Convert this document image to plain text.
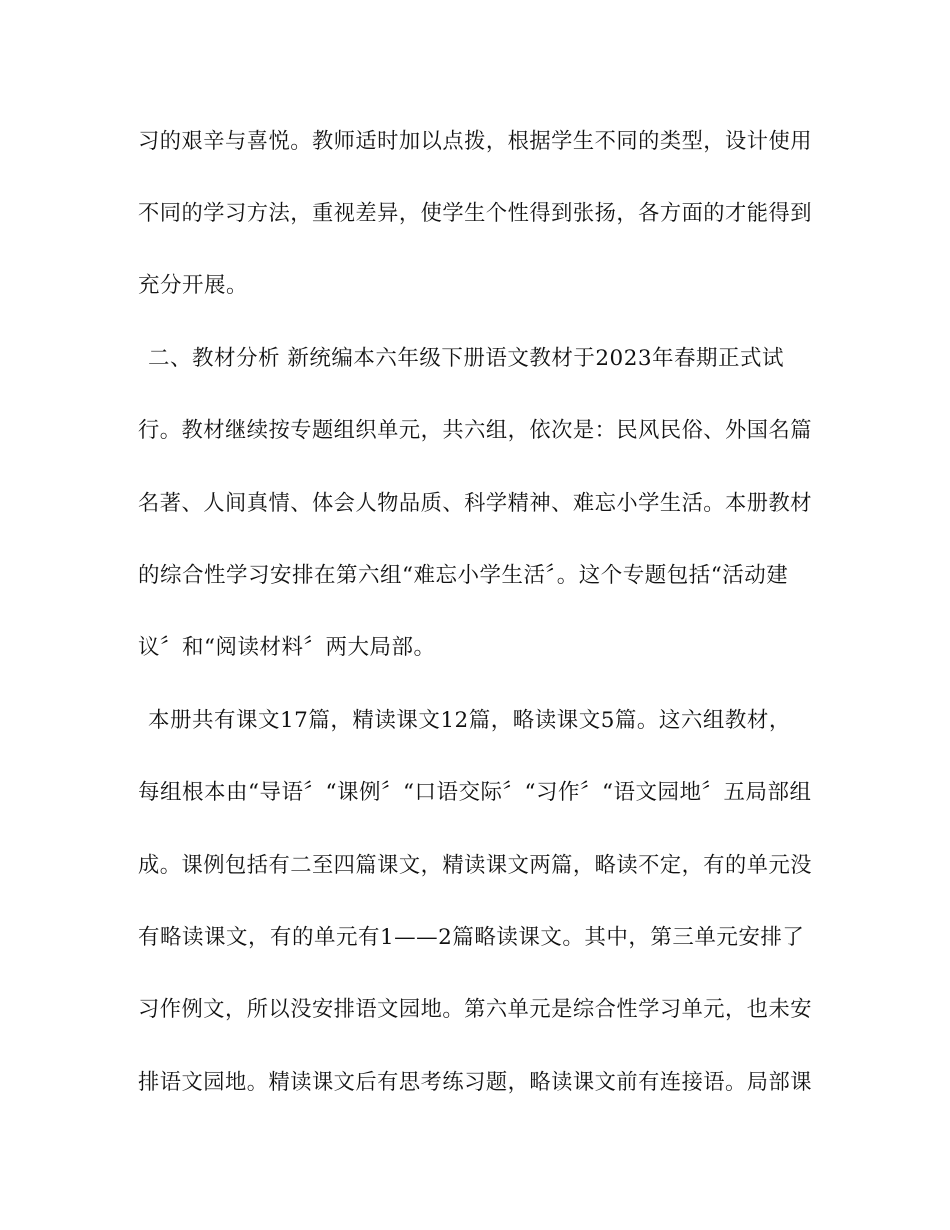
习的艰辛与喜悦。教师适时加以点拨，根据学生不同的类型，设计使用
不同的学习方法，重视差异，使学生个性得到张扬，各方面的才能得到
充分开展。
二、教材分析 新统编本六年级下册语文教材于2023年春期正式试
行。教材继续按专题组织单元，共六组，依次是：民风民俗、外国名篇
名著、人间真情、体会人物品质、科学精神、难忘小学生活。本册教材
的综合性学习安排在第六组“难忘小学生活〞。这个专题包括“活动建
议〞和“阅读材料〞两大局部。
本册共有课文17篇，精读课文12篇，略读课文5篇。这六组教材，
每组根本由“导语〞“课例〞“口语交际〞“习作〞“语文园地〞五局部组
成。课例包括有二至四篇课文，精读课文两篇，略读不定，有的单元没
有略读课文，有的单元有1——2篇略读课文。其中，第三单元安排了
习作例文，所以没安排语文园地。第六单元是综合性学习单元，也未安
排语文园地。精读课文后有思考练习题，略读课文前有连接语。局部课
